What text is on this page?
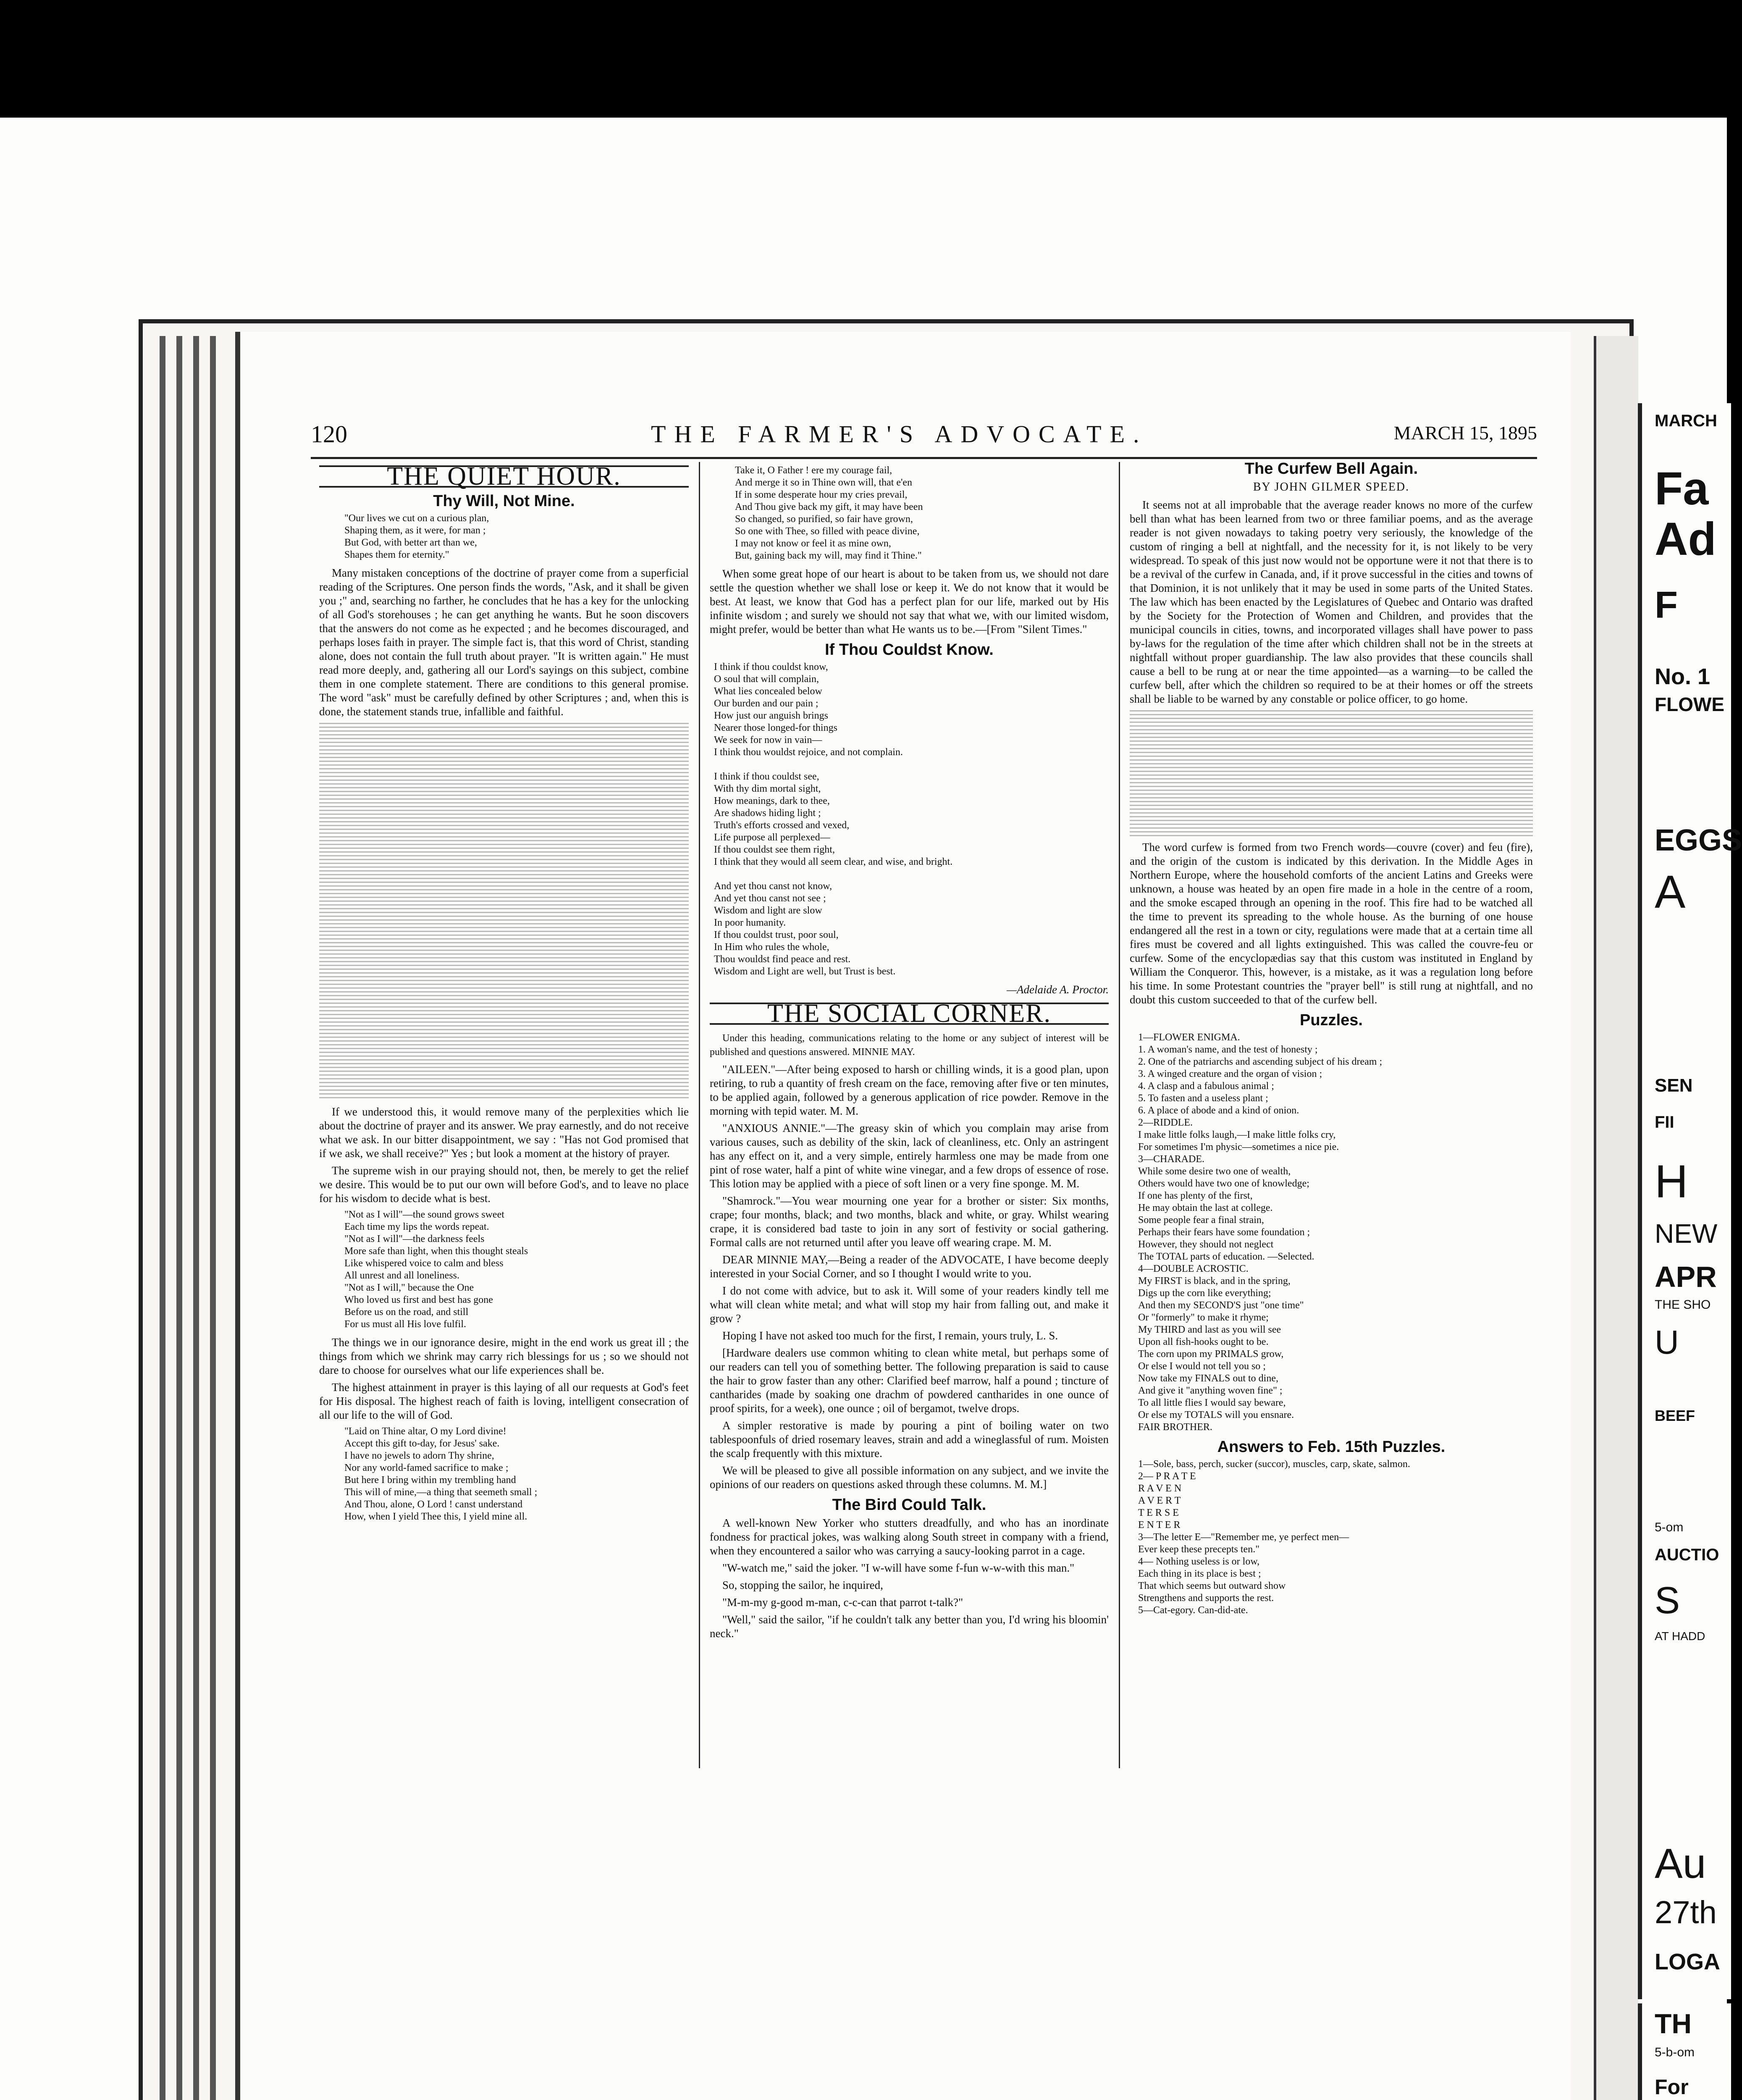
120	THE FARMER'S ADVOCATE.	MARCH 15, 1895
THE QUIET HOUR.
Thy Will, Not Mine.
"Our lives we cut on a curious plan,
Shaping them, as it were, for man ;
But God, with better art than we,
Shapes them for eternity."

Many mistaken conceptions of the doctrine of prayer come from a superficial reading of the Scriptures. One person finds the words, "Ask, and it shall be given you ;" and, searching no farther, he concludes that he has a key for the unlocking of all God's storehouses ; he can get anything he wants. But he soon discovers that the answers do not come as he expected ; and he becomes discouraged, and perhaps loses faith in prayer. The simple fact is, that this word of Christ, standing alone, does not contain the full truth about prayer. "It is written again." He must read more deeply, and, gathering all our Lord's sayings on this subject, combine them in one complete statement. There are conditions to this general promise. The word "ask" must be carefully defined by other Scriptures ; and, when this is done, the statement stands true, infallible and faithful.

If we understood this, it would remove many of the perplexities which lie about the doctrine of prayer and its answer. We pray earnestly, and do not receive what we ask. In our bitter disappointment, we say : "Has not God promised that if we ask, we shall receive?" Yes ; but look a moment at the history of prayer.

The supreme wish in our praying should not, then, be merely to get the relief we desire. This would be to put our own will before God's, and to leave no place for his wisdom to decide what is best.

"Not as I will"—the sound grows sweet
Each time my lips the words repeat.
"Not as I will"—the darkness feels
More safe than light, when this thought steals
Like whispered voice to calm and bless
All unrest and all loneliness.
"Not as I will," because the One
Who loved us first and best has gone
Before us on the road, and still
For us must all His love fulfil.

The things we in our ignorance desire, might in the end work us great ill ; the things from which we shrink may carry rich blessings for us ; so we should not dare to choose for ourselves what our life experiences shall be.

The highest attainment in prayer is this laying of all our requests at God's feet for His disposal. The highest reach of faith is loving, intelligent consecration of all our life to the will of God.

"Laid on Thine altar, O my Lord divine!
Accept this gift to-day, for Jesus' sake.
I have no jewels to adorn Thy shrine,
Nor any world-famed sacrifice to make ;
But here I bring within my trembling hand
This will of mine,—a thing that seemeth small ;
And Thou, alone, O Lord ! canst understand
How, when I yield Thee this, I yield mine all.
Take it, O Father ! ere my courage fail,
And merge it so in Thine own will, that e'en
If in some desperate hour my cries prevail,
And Thou give back my gift, it may have been
So changed, so purified, so fair have grown,
So one with Thee, so filled with peace divine,
I may not know or feel it as mine own,
But, gaining back my will, may find it Thine."

When some great hope of our heart is about to be taken from us, we should not dare settle the question whether we shall lose or keep it. We do not know that it would be best. At least, we know that God has a perfect plan for our life, marked out by His infinite wisdom ; and surely we should not say that what we, with our limited wisdom, might prefer, would be better than what He wants us to be.—[From "Silent Times."

If Thou Couldst Know.
I think if thou couldst know,
O soul that will complain,
What lies concealed below
Our burden and our pain ;
How just our anguish brings
Nearer those longed-for things
We seek for now in vain—
I think thou wouldst rejoice, and not complain.

I think if thou couldst see,
With thy dim mortal sight,
How meanings, dark to thee,
Are shadows hiding light ;
Truth's efforts crossed and vexed,
Life purpose all perplexed—
If thou couldst see them right,
I think that they would all seem clear, and wise, and bright.

And yet thou canst not know,
And yet thou canst not see ;
Wisdom and light are slow
In poor humanity.
If thou couldst trust, poor soul,
In Him who rules the whole,
Thou wouldst find peace and rest.
Wisdom and Light are well, but Trust is best.
—Adelaide A. Proctor.
THE SOCIAL CORNER.

Under this heading, communications relating to the home or any subject of interest will be published and questions answered. MINNIE MAY.

"AILEEN."—After being exposed to harsh or chilling winds, it is a good plan, upon retiring, to rub a quantity of fresh cream on the face, removing after five or ten minutes, to be applied again, followed by a generous application of rice powder. Remove in the morning with tepid water. M. M.

"ANXIOUS ANNIE."—The greasy skin of which you complain may arise from various causes, such as debility of the skin, lack of cleanliness, etc. Only an astringent has any effect on it, and a very simple, entirely harmless one may be made from one pint of rose water, half a pint of white wine vinegar, and a few drops of essence of rose. This lotion may be applied with a piece of soft linen or a very fine sponge. M. M.

"Shamrock."—You wear mourning one year for a brother or sister: Six months, crape; four months, black; and two months, black and white, or gray. Whilst wearing crape, it is considered bad taste to join in any sort of festivity or social gathering. Formal calls are not returned until after you leave off wearing crape. M. M.

DEAR MINNIE MAY,—Being a reader of the ADVOCATE, I have become deeply interested in your Social Corner, and so I thought I would write to you.

I do not come with advice, but to ask it. Will some of your readers kindly tell me what will clean white metal; and what will stop my hair from falling out, and make it grow ?

Hoping I have not asked too much for the first, I remain, yours truly, L. S.

[Hardware dealers use common whiting to clean white metal, but perhaps some of our readers can tell you of something better. The following preparation is said to cause the hair to grow faster than any other: Clarified beef marrow, half a pound ; tincture of cantharides (made by soaking one drachm of powdered cantharides in one ounce of proof spirits, for a week), one ounce ; oil of bergamot, twelve drops.

A simpler restorative is made by pouring a pint of boiling water on two tablespoonfuls of dried rosemary leaves, strain and add a wineglassful of rum. Moisten the scalp frequently with this mixture.

We will be pleased to give all possible information on any subject, and we invite the opinions of our readers on questions asked through these columns. M. M.]

The Bird Could Talk.

A well-known New Yorker who stutters dreadfully, and who has an inordinate fondness for practical jokes, was walking along South street in company with a friend, when they encountered a sailor who was carrying a saucy-looking parrot in a cage.

"W-watch me," said the joker. "I w-will have some f-fun w-w-with this man."

So, stopping the sailor, he inquired,

"M-m-my g-good m-man, c-c-can that parrot t-talk?"

"Well," said the sailor, "if he couldn't talk any better than you, I'd wring his bloomin' neck."

The Curfew Bell Again.
BY JOHN GILMER SPEED.

It seems not at all improbable that the average reader knows no more of the curfew bell than what has been learned from two or three familiar poems, and as the average reader is not given nowadays to taking poetry very seriously, the knowledge of the custom of ringing a bell at nightfall, and the necessity for it, is not likely to be very widespread. To speak of this just now would not be opportune were it not that there is to be a revival of the curfew in Canada, and, if it prove successful in the cities and towns of that Dominion, it is not unlikely that it may be used in some parts of the United States. The law which has been enacted by the Legislatures of Quebec and Ontario was drafted by the Society for the Protection of Women and Children, and provides that the municipal councils in cities, towns, and incorporated villages shall have power to pass by-laws for the regulation of the time after which children shall not be in the streets at nightfall without proper guardianship. The law also provides that these councils shall cause a bell to be rung at or near the time appointed—as a warning—to be called the curfew bell, after which the children so required to be at their homes or off the streets shall be liable to be warned by any constable or police officer, to go home.

The word curfew is formed from two French words—couvre (cover) and feu (fire), and the origin of the custom is indicated by this derivation. In the Middle Ages in Northern Europe, where the household comforts of the ancient Latins and Greeks were unknown, a house was heated by an open fire made in a hole in the centre of a room, and the smoke escaped through an opening in the roof. This fire had to be watched all the time to prevent its spreading to the whole house. As the burning of one house endangered all the rest in a town or city, regulations were made that at a certain time all fires must be covered and all lights extinguished. This was called the couvre-feu or curfew. Some of the encyclopædias say that this custom was instituted in England by William the Conqueror. This, however, is a mistake, as it was a regulation long before his time. In some Protestant countries the "prayer bell" is still rung at nightfall, and no doubt this custom succeeded to that of the curfew bell.

Puzzles.
1—FLOWER ENIGMA.
1. A woman's name, and the test of honesty ;
2. One of the patriarchs and ascending subject of his dream ;
3. A winged creature and the organ of vision ;
4. A clasp and a fabulous animal ;
5. To fasten and a useless plant ;
6. A place of abode and a kind of onion.
2—RIDDLE.
I make little folks laugh,—I make little folks cry,
For sometimes I'm physic—sometimes a nice pie.
3—CHARADE.
While some desire two one of wealth,
Others would have two one of knowledge;
If one has plenty of the first,
He may obtain the last at college.
Some people fear a final strain,
Perhaps their fears have some foundation ;
However, they should not neglect
The TOTAL parts of education. —Selected.
4—DOUBLE ACROSTIC.
My FIRST is black, and in the spring,
Digs up the corn like everything;
And then my SECOND'S just "one time"
Or "formerly" to make it rhyme;
My THIRD and last as you will see
Upon all fish-hooks ought to be.
The corn upon my PRIMALS grow,
Or else I would not tell you so ;
Now take my FINALS out to dine,
And give it "anything woven fine" ;
To all little flies I would say beware,
Or else my TOTALS will you ensnare.
FAIR BROTHER.
Answers to Feb. 15th Puzzles.
1—Sole, bass, perch, sucker (succor), muscles, carp, skate, salmon.
2— P R A T E
R A V E N
A V E R T
T E R S E
E N T E R
3—The letter E—"Remember me, ye perfect men—
Ever keep these precepts ten."
4— Nothing useless is or low,
Each thing in its place is best ;
That which seems but outward show
Strengthens and supports the rest.
5—Cat-egory. Can-did-ate.
MARCH
Fa
Ad
F
No. 1
FLOWE
EGGS
A
SEN
FII
H
NEW
APR
THE SHO
U
BEEF
5-om
AUCTIO
S
AT HADD
Au
27th
LOGA
TH
5-b-om
For
